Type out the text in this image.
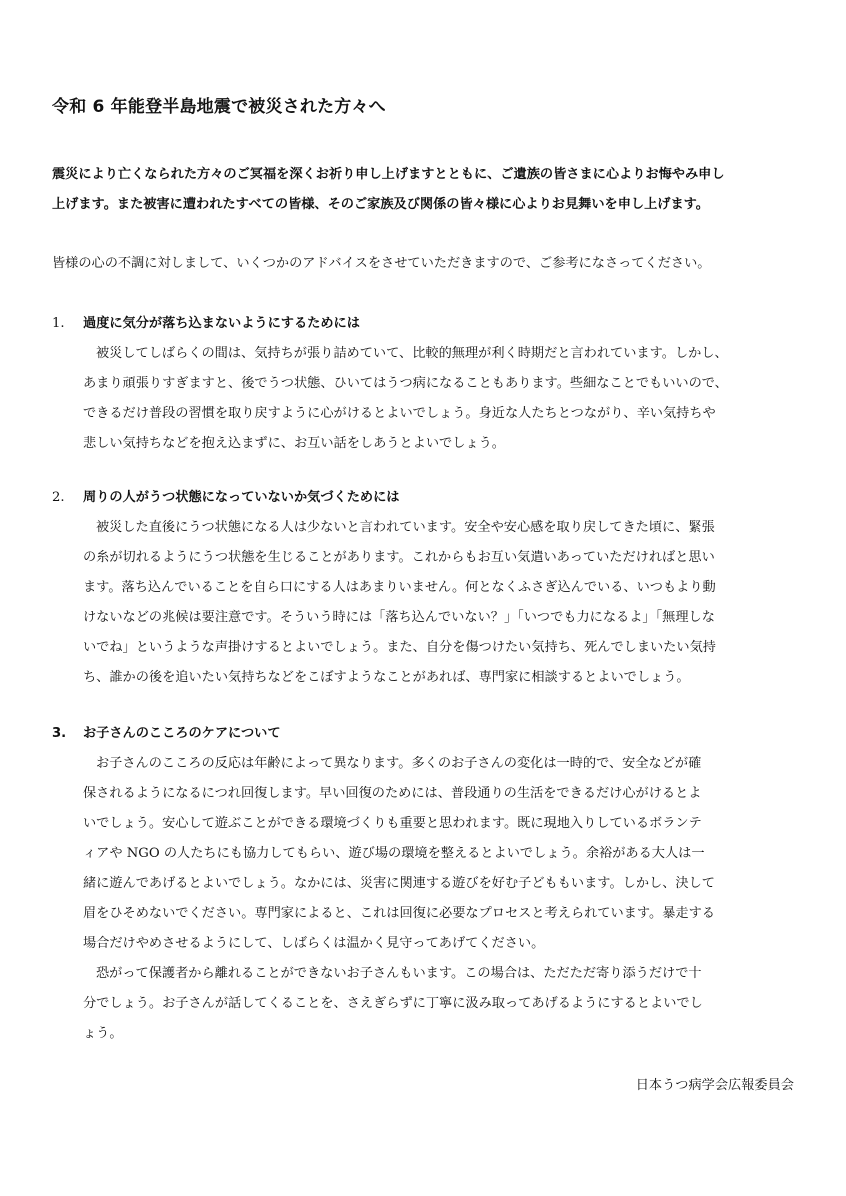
令和 6 年能登半島地震で被災された方々へ
震災により亡くなられた方々のご冥福を深くお祈り申し上げますとともに、ご遺族の皆さまに心よりお悔やみ申し
上げます。また被害に遭われたすべての皆様、そのご家族及び関係の皆々様に心よりお見舞いを申し上げます。
皆様の心の不調に対しまして、いくつかのアドバイスをさせていただきますので、ご参考になさってください。
1.	過度に気分が落ち込まないようにするためには
被災してしばらくの間は、気持ちが張り詰めていて、比較的無理が利く時期だと言われています。しかし、
あまり頑張りすぎますと、後でうつ状態、ひいてはうつ病になることもあります。些細なことでもいいので、
できるだけ普段の習慣を取り戻すように心がけるとよいでしょう。身近な人たちとつながり、辛い気持ちや
悲しい気持ちなどを抱え込まずに、お互い話をしあうとよいでしょう。
2.	周りの人がうつ状態になっていないか気づくためには
被災した直後にうつ状態になる人は少ないと言われています。安全や安心感を取り戻してきた頃に、緊張
の糸が切れるようにうつ状態を生じることがあります。これからもお互い気遣いあっていただければと思い
ます。落ち込んでいることを自ら口にする人はあまりいません。何となくふさぎ込んでいる、いつもより動
けないなどの兆候は要注意です。そういう時には「落ち込んでいない？」「いつでも力になるよ」「無理しな
いでね」というような声掛けするとよいでしょう。また、自分を傷つけたい気持ち、死んでしまいたい気持
ち、誰かの後を追いたい気持ちなどをこぼすようなことがあれば、専門家に相談するとよいでしょう。
3.	お子さんのこころのケアについて
お子さんのこころの反応は年齢によって異なります。多くのお子さんの変化は一時的で、安全などが確
保されるようになるにつれ回復します。早い回復のためには、普段通りの生活をできるだけ心がけるとよ
いでしょう。安心して遊ぶことができる環境づくりも重要と思われます。既に現地入りしているボランテ
ィアや NGO の人たちにも協力してもらい、遊び場の環境を整えるとよいでしょう。余裕がある大人は一
緒に遊んであげるとよいでしょう。なかには、災害に関連する遊びを好む子どももいます。しかし、決して
眉をひそめないでください。専門家によると、これは回復に必要なプロセスと考えられています。暴走する
場合だけやめさせるようにして、しばらくは温かく見守ってあげてください。
恐がって保護者から離れることができないお子さんもいます。この場合は、ただただ寄り添うだけで十
分でしょう。お子さんが話してくることを、さえぎらずに丁寧に汲み取ってあげるようにするとよいでし
ょう。
日本うつ病学会広報委員会
